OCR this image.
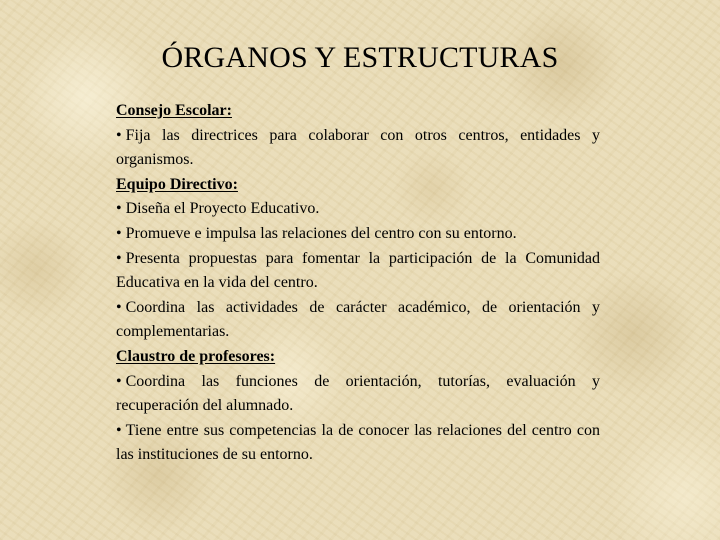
ÓRGANOS Y ESTRUCTURAS

Consejo Escolar:

• Fija las directrices para colaborar con otros centros, entidades y organismos.

Equipo Directivo:

• Diseña el Proyecto Educativo.

• Promueve e impulsa las relaciones del centro con su entorno.

• Presenta propuestas para fomentar la participación de la Comunidad Educativa en la vida del centro.

• Coordina las actividades de carácter académico, de orientación y complementarias.

Claustro de profesores:

• Coordina las funciones de orientación, tutorías, evaluación y recuperación del alumnado.

• Tiene entre sus competencias la de conocer las relaciones del centro con las instituciones de su entorno.
